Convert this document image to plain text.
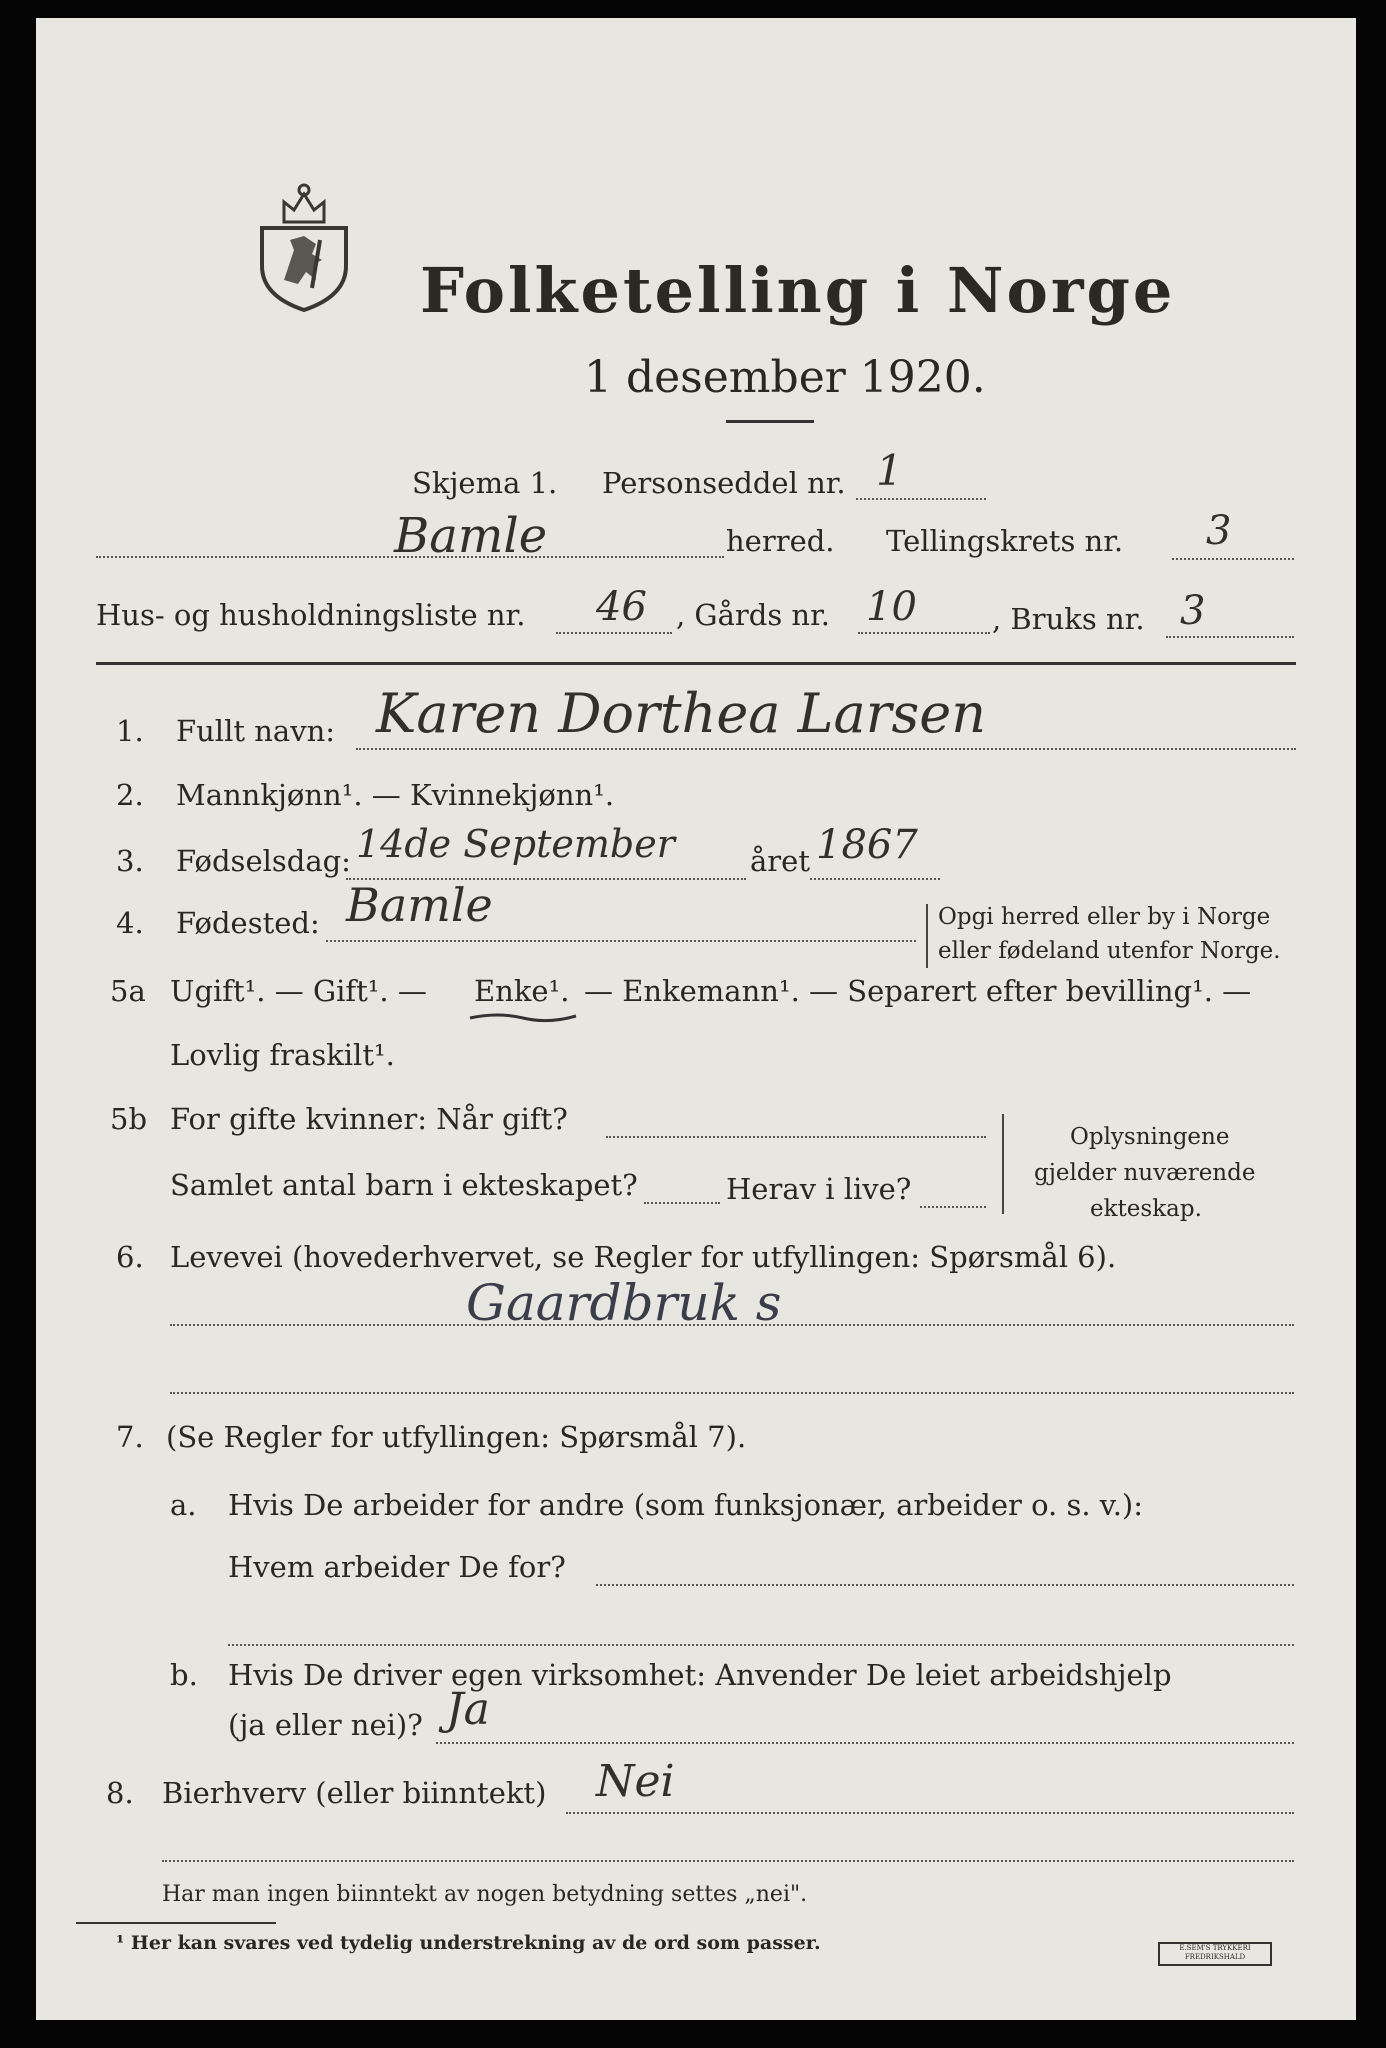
Folketelling i Norge
1 desember 1920.
Skjema 1. Personseddel nr. 1
Bamle	herred. Tellingskrets nr. 3
Hus- og husholdningsliste nr. 46 , Gårds nr. 10	, Bruks nr. 3
1. Fullt navn: Karen Dorthea Larsen
2. Mannkjønn¹. — Kvinnekjønn¹.
3. Fødselsdag: 14de September	året 1867
4. Fødested: Bamle	Opgi herred eller by i Norge
eller fødeland utenfor Norge.
5a Ugift¹. — Gift¹. — Enke¹. — Enkemann¹. — Separert efter bevilling¹. —
Lovlig fraskilt¹.
5b For gifte kvinner: Når gift?
Samlet antal barn i ekteskapet?	Herav i live?
Oplysningene
gjelder nuværende
ekteskap.
6. Levevei (hovederhvervet, se Regler for utfyllingen: Spørsmål 6).
Gaardbruk s
7. (Se Regler for utfyllingen: Spørsmål 7).
a. Hvis De arbeider for andre (som funksjonær, arbeider o. s. v.):
Hvem arbeider De for?
b. Hvis De driver egen virksomhet: Anvender De leiet arbeidshjelp
(ja eller nei)? Ja
8. Bierhverv (eller biinntekt) Nei
Har man ingen biinntekt av nogen betydning settes „nei".
¹ Her kan svares ved tydelig understrekning av de ord som passer.	E.SEM'S TRYKKERI
FREDRIKSHALD
